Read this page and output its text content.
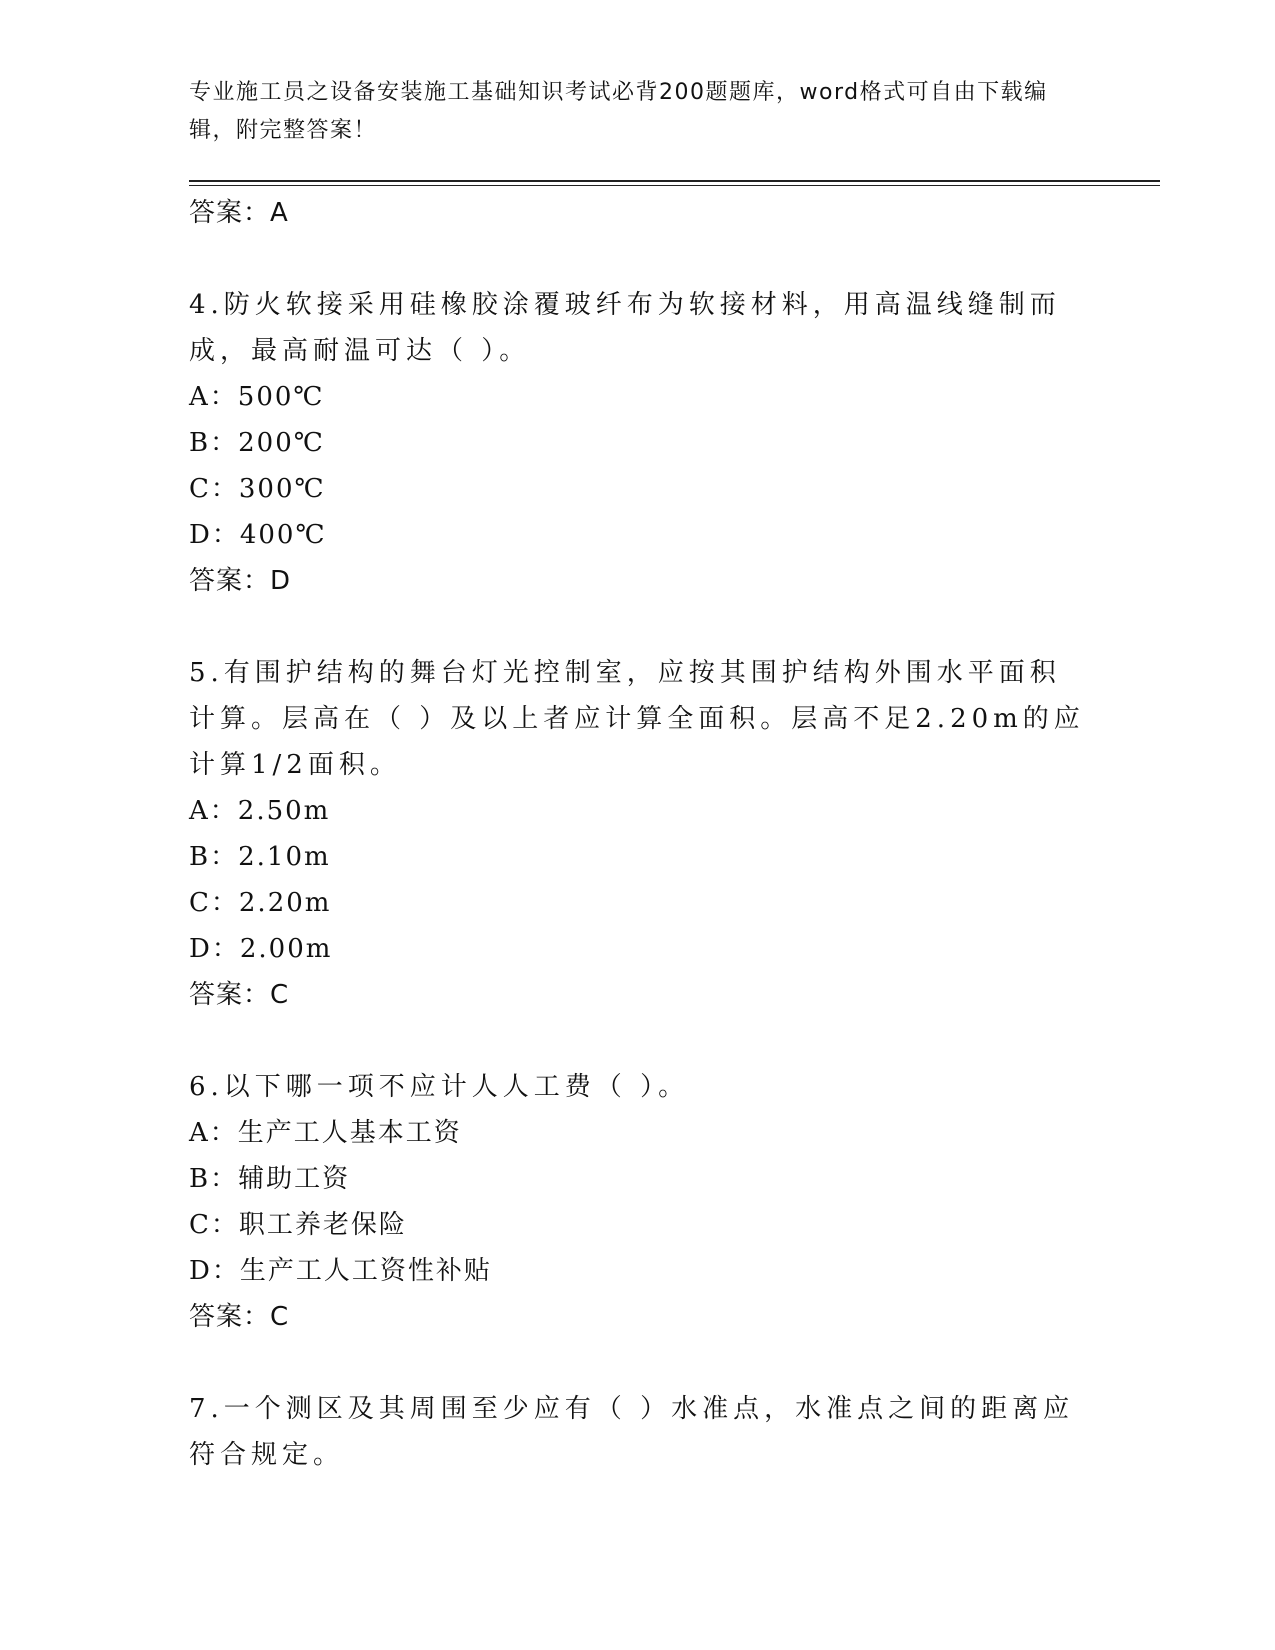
专业施工员之设备安装施工基础知识考试必背200题题库，word格式可自由下载编辑，附完整答案！
答案：A

4.防火软接采用硅橡胶涂覆玻纤布为软接材料，用高温线缝制而成，最高耐温可达（ ）。

A：500℃
B：200℃
C：300℃
D：400℃
答案：D

5.有围护结构的舞台灯光控制室，应按其围护结构外围水平面积计算。层高在（ ）及以上者应计算全面积。层高不足2.20m的应计算1/2面积。

A：2.50m
B：2.10m
C：2.20m
D：2.00m
答案：C

6.以下哪一项不应计人人工费（ ）。

A：生产工人基本工资
B：辅助工资
C：职工养老保险
D：生产工人工资性补贴
答案：C

7.一个测区及其周围至少应有（ ）水准点，水准点之间的距离应符合规定。
